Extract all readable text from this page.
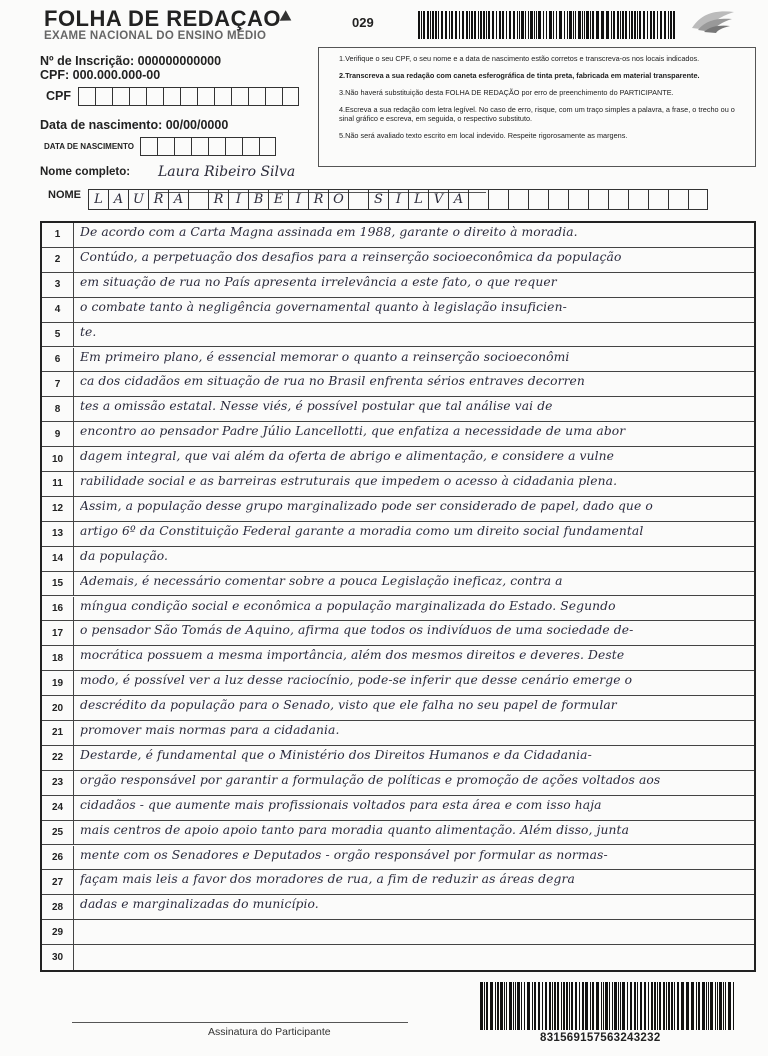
FOLHA DE REDAÇAO
EXAME NACIONAL DO ENSINO MÉDIO
029
Nº de Inscrição: 000000000000
CPF: 000.000.000-00
CPF
Data de nascimento: 00/00/0000
DATA DE NASCIMENTO

1.Verifique o seu CPF, o seu nome e a data de nascimento estão corretos e transcreva-os nos locais indicados.

2.Transcreva a sua redação com caneta esferográfica de tinta preta, fabricada em material transparente.

3.Não haverá substituição desta FOLHA DE REDAÇÃO por erro de preenchimento do PARTICIPANTE.

4.Escreva a sua redação com letra legível. No caso de erro, risque, com um traço simples a palavra, a frase, o trecho ou o sinal gráfico e escreva, em seguida, o respectivo substituto.

5.Não será avaliado texto escrito em local indevido. Respeite rigorosamente as margens.

Nome completo: Laura Ribeiro Silva
NOME	L A U R A	R I B E I R O	S I	L V A
1	De acordo com a Carta Magna assinada em 1988, garante o direito à moradia.
2	Contúdo, a perpetuação dos desafios para a reinserção socioeconômica da população
3	em situação de rua no País apresenta irrelevância a este fato, o que requer
4	o combate tanto à negligência governamental quanto à legislação insuficien-
5	te.
6	Em primeiro plano, é essencial memorar o quanto a reinserção socioeconômi
7	ca dos cidadãos em situação de rua no Brasil enfrenta sérios entraves decorren
8	tes a omissão estatal. Nesse viés, é possível postular que tal análise vai de
9	encontro ao pensador Padre Júlio Lancellotti, que enfatiza a necessidade de uma abor
10	dagem integral, que vai além da oferta de abrigo e alimentação, e considere a vulne
11	rabilidade social e as barreiras estruturais que impedem o acesso à cidadania plena.
12	Assim, a população desse grupo marginalizado pode ser considerado de papel, dado que o
13	artigo 6º da Constituição Federal garante a moradia como um direito social fundamental
14	da população.
15	Ademais, é necessário comentar sobre a pouca Legislação ineficaz, contra a
16	míngua condição social e econômica a população marginalizada do Estado. Segundo
17	o pensador São Tomás de Aquino, afirma que todos os indivíduos de uma sociedade de-
18	mocrática possuem a mesma importância, além dos mesmos direitos e deveres. Deste
19	modo, é possível ver a luz desse raciocínio, pode-se inferir que desse cenário emerge o
20	descrédito da população para o Senado, visto que ele falha no seu papel de formular
21	promover mais normas para a cidadania.
22	Destarde, é fundamental que o Ministério dos Direitos Humanos e da Cidadania-
23	orgão responsável por garantir a formulação de políticas e promoção de ações voltados aos
24	cidadãos - que aumente mais profissionais voltados para esta área e com isso haja
25	mais centros de apoio apoio tanto para moradia quanto alimentação. Além disso, junta
26	mente com os Senadores e Deputados - orgão responsável por formular as normas-
27	façam mais leis a favor dos moradores de rua, a fim de reduzir as áreas degra
28	dadas e marginalizadas do município.
29
30
Assinatura do Participante	831569157563243232
